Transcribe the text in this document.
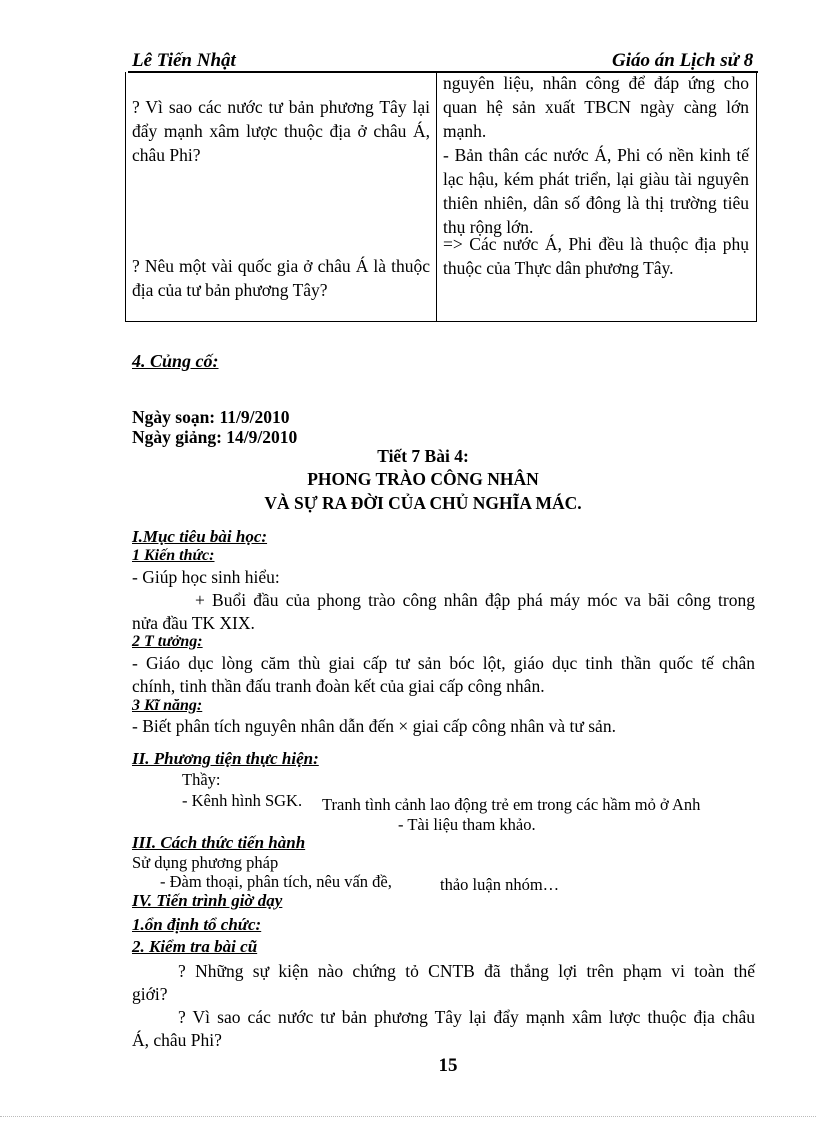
Lê Tiến Nhật	Giáo án Lịch sử 8

? Vì sao các nước tư bản phương Tây lại đẩy mạnh xâm lược thuộc địa ở châu Á, châu Phi?

? Nêu một vài quốc gia ở châu Á là thuộc địa của tư bản phương Tây?

nguyên liệu, nhân công để đáp ứng cho quan hệ sản xuất TBCN ngày càng lớn mạnh.

- Bản thân các nước Á, Phi có nền kinh tế lạc hậu, kém phát triển, lại giàu tài nguyên thiên nhiên, dân số đông là thị trường tiêu thụ rộng lớn.

=> Các nước Á, Phi đều là thuộc địa phụ thuộc của Thực dân phương Tây.

4. Củng cố:
Ngày soạn: 11/9/2010
Ngày giảng: 14/9/2010
Tiết 7 Bài 4:
PHONG TRÀO CÔNG NHÂN
VÀ SỰ RA ĐỜI CỦA CHỦ NGHĨA MÁC.
I.Mục tiêu bài học:
1 Kiến thức:
- Giúp học sinh hiểu:
+ Buổi đầu của phong trào công nhân đập phá máy móc va bãi công trong
nửa đầu TK XIX.
2 T tưởng:
- Giáo dục lòng căm thù giai cấp tư sản bóc lột, giáo dục tinh thần quốc tế chân
chính, tinh thần đấu tranh đoàn kết của giai cấp công nhân.
3 Kĩ năng:
- Biết phân tích nguyên nhân dẫn đến × giai cấp công nhân và tư sản.
II. Phương tiện thực hiện:
Thầy:
- Kênh hình SGK. Tranh tình cảnh lao động trẻ em trong các hầm mỏ ở Anh
- Tài liệu tham khảo.
III. Cách thức tiến hành
Sử dụng phương pháp
- Đàm thoại, phân tích, nêu vấn đề,	thảo luận nhóm…
IV. Tiến trình giờ dạy
1.ổn định tổ chức:
2. Kiểm tra bài cũ
? Những sự kiện nào chứng tỏ CNTB đã thắng lợi trên phạm vi toàn thế
giới?
? Vì sao các nước tư bản phương Tây lại đẩy mạnh xâm lược thuộc địa châu
Á, châu Phi?
15
